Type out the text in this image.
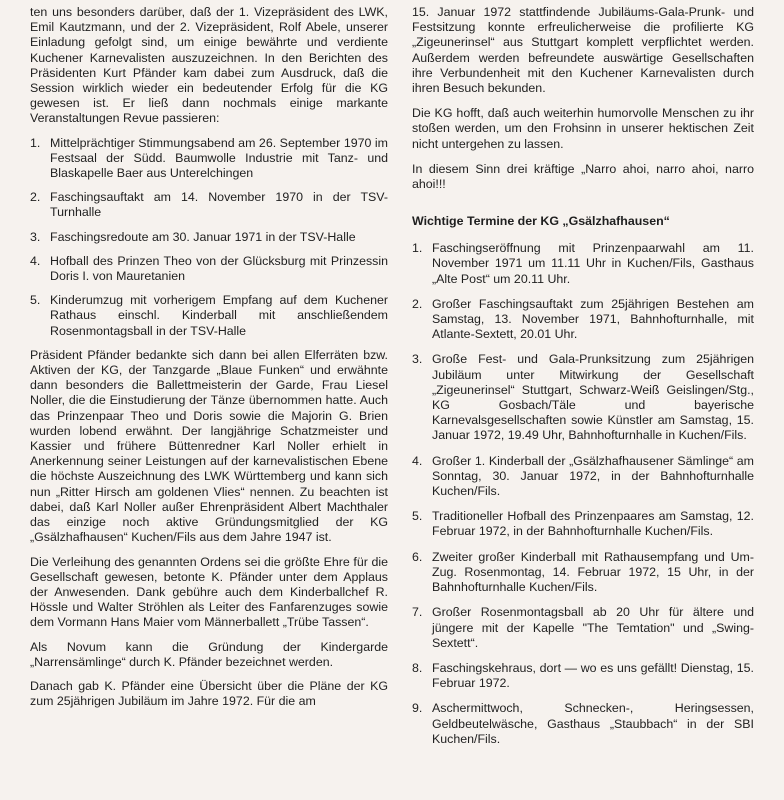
ten uns besonders darüber, daß der 1. Vizepräsident des LWK, Emil Kautzmann, und der 2. Vizepräsident, Rolf Abele, unserer Einladung gefolgt sind, um einige bewährte und verdiente Kuchener Karnevalisten auszuzeichnen. In den Berichten des Präsidenten Kurt Pfänder kam dabei zum Ausdruck, daß die Session wirklich wieder ein bedeutender Erfolg für die KG gewesen ist. Er ließ dann nochmals einige markante Veranstaltungen Revue passieren:

1. Mittelprächtiger Stimmungsabend am 26. September 1970 im Festsaal der Südd. Baumwolle Industrie mit Tanz- und Blaskapelle Baer aus Unterelchingen
2. Faschingsauftakt am 14. November 1970 in der TSV-Turnhalle
3. Faschingsredoute am 30. Januar 1971 in der TSV-Halle
4. Hofball des Prinzen Theo von der Glücksburg mit Prinzessin Doris I. von Mauretanien
5. Kinderumzug mit vorherigem Empfang auf dem Kuchener Rathaus einschl. Kinderball mit anschließendem Rosenmontagsball in der TSV-Halle

Präsident Pfänder bedankte sich dann bei allen Elferräten bzw. Aktiven der KG, der Tanzgarde „Blaue Funken“ und erwähnte dann besonders die Ballettmeisterin der Garde, Frau Liesel Noller, die die Einstudierung der Tänze übernommen hatte. Auch das Prinzenpaar Theo und Doris sowie die Majorin G. Brien wurden lobend erwähnt. Der langjährige Schatzmeister und Kassier und frühere Büttenredner Karl Noller erhielt in Anerkennung seiner Leistungen auf der karnevalistischen Ebene die höchste Auszeichnung des LWK Württemberg und kann sich nun „Ritter Hirsch am goldenen Vlies“ nennen. Zu beachten ist dabei, daß Karl Noller außer Ehrenpräsident Albert Machthaler das einzige noch aktive Gründungsmitglied der KG „Gsälzhafhausen“ Kuchen/Fils aus dem Jahre 1947 ist.

Die Verleihung des genannten Ordens sei die größte Ehre für die Gesellschaft gewesen, betonte K. Pfänder unter dem Applaus der Anwesenden. Dank gebühre auch dem Kinderballchef R. Hössle und Walter Ströhlen als Leiter des Fanfarenzuges sowie dem Vormann Hans Maier vom Männerballett „Trübe Tassen“.

Als Novum kann die Gründung der Kindergarde „Narrensämlinge“ durch K. Pfänder bezeichnet werden.

Danach gab K. Pfänder eine Übersicht über die Pläne der KG zum 25jährigen Jubiläum im Jahre 1972. Für die am

15. Januar 1972 stattfindende Jubiläums-Gala-Prunk- und Festsitzung konnte erfreulicherweise die profilierte KG „Zigeunerinsel“ aus Stuttgart komplett verpflichtet werden. Außerdem werden befreundete auswärtige Gesellschaften ihre Verbundenheit mit den Kuchener Karnevalisten durch ihren Besuch bekunden.

Die KG hofft, daß auch weiterhin humorvolle Menschen zu ihr stoßen werden, um den Frohsinn in unserer hektischen Zeit nicht untergehen zu lassen.

In diesem Sinn drei kräftige „Narro ahoi, narro ahoi, narro ahoi!!!

Wichtige Termine der KG „Gsälzhafhausen“
1. Faschingseröffnung mit Prinzenpaarwahl am 11. November 1971 um 11.11 Uhr in Kuchen/Fils, Gasthaus „Alte Post“ um 20.11 Uhr.
2. Großer Faschingsauftakt zum 25jährigen Bestehen am Samstag, 13. November 1971, Bahnhofturnhalle, mit Atlante-Sextett, 20.01 Uhr.
3. Große Fest- und Gala-Prunksitzung zum 25jährigen Jubiläum unter Mitwirkung der Gesellschaft „Zigeunerinsel“ Stuttgart, Schwarz-Weiß Geislingen/Stg., KG Gosbach/Täle und bayerische Karnevalsgesellschaften sowie Künstler am Samstag, 15. Januar 1972, 19.49 Uhr, Bahnhofturnhalle in Kuchen/Fils.
4. Großer 1. Kinderball der „Gsälzhafhausener Sämlinge“ am Sonntag, 30. Januar 1972, in der Bahnhofturnhalle Kuchen/Fils.
5. Traditioneller Hofball des Prinzenpaares am Samstag, 12. Februar 1972, in der Bahnhofturnhalle Kuchen/Fils.
6. Zweiter großer Kinderball mit Rathausempfang und Um-Zug. Rosenmontag, 14. Februar 1972, 15 Uhr, in der Bahnhofturnhalle Kuchen/Fils.
7. Großer Rosenmontagsball ab 20 Uhr für ältere und jüngere mit der Kapelle "The Temtation" und „Swing-Sextett“.
8. Faschingskehraus, dort — wo es uns gefällt! Dienstag, 15. Februar 1972.
9. Aschermittwoch, Schnecken-, Heringsessen, Geldbeutelwäsche, Gasthaus „Staubbach“ in der SBI Kuchen/Fils.
